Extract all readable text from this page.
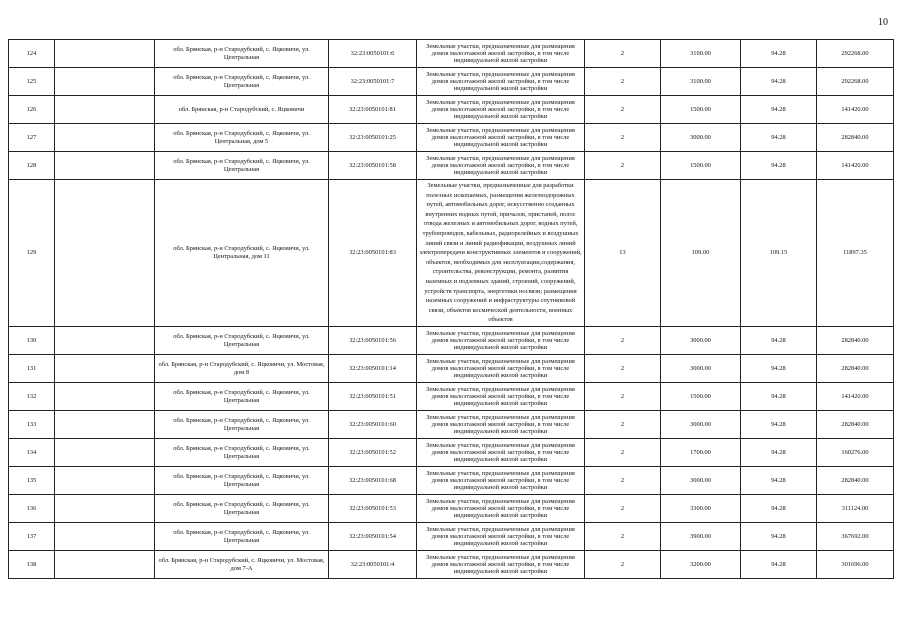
10
124		обл. Брянская, р-н Стародубский, с. Яцковичи, ул. Центральная	32:23:0050101:6	Земельные участки, предназначенные для размещения домов малоэтажной жилой застройки, в том числе индивидуальной жилой застройки	2	3100.00	94.28	292268.00
125		обл. Брянская, р-н Стародубский, с. Яцковичи, ул. Центральная	32:23:0050101:7	Земельные участки, предназначенные для размещения домов малоэтажной жилой застройки, в том числе индивидуальной жилой застройки	2	3100.00	94.28	292268.00
126		обл. Брянская, р-н Стародубский, с. Яцковичи	32:23:0050101:81	Земельные участки, предназначенные для размещения домов малоэтажной жилой застройки, в том числе индивидуальной жилой застройки	2	1500.00	94.28	141420.00
127		обл. Брянская, р-н Стародубский, с. Яцковичи, ул. Центральная, дом 5	32:23:0050101:25	Земельные участки, предназначенные для размещения домов малоэтажной жилой застройки, в том числе индивидуальной жилой застройки	2	3000.00	94.28	282840.00
128		обл. Брянская, р-н Стародубский, с. Яцковичи, ул. Центральная	32:23:0050101:58	Земельные участки, предназначенные для размещения домов малоэтажной жилой застройки, в том числе индивидуальной жилой застройки	2	1500.00	94.28	141420.00
129		обл. Брянская, р-н Стародубский, с. Яцковичи, ул. Центральная, дом 11	32:23:0050101:83	Земельные участки, предназначенные для разработки полезных ископаемых, размещения железнодорожных путей, автомобильных дорог, искусственно созданных внутренних водных путей, причалов, пристаней, полос отвода железных и автомобильных дорог, водных путей, трубопроводов, кабельных, радиорелейных и воздушных линий связи и линий радиофикации, воздушных линий электропередачи конструктивных элементов и сооружений, объектов, необходимых для эксплуатации,содержания, строительства, реконструкции, ремонта, развития наземных и подземных зданий, строений, сооружений, устройств транспорта, энергетики носвязи; размещения наземных сооружений и инфраструктуры спутниковой связи, объектов космической деятельности, военных объектов	13	109.00	109.15	11897.35
130		обл. Брянская, р-н Стародубский, с. Яцковичи, ул. Центральная	32:23:0050101:56	Земельные участки, предназначенные для размещения домов малоэтажной жилой застройки, в том числе индивидуальной жилой застройки	2	3000.00	94.28	282840.00
131		обл. Брянская, р-н Стародубский, с. Яцковичи, ул. Мостовая, дом 8	32:23:0050101:14	Земельные участки, предназначенные для размещения домов малоэтажной жилой застройки, в том числе индивидуальной жилой застройки	2	3000.00	94.28	282840.00
132		обл. Брянская, р-н Стародубский, с. Яцковичи, ул. Центральная	32:23:0050101:51	Земельные участки, предназначенные для размещения домов малоэтажной жилой застройки, в том числе индивидуальной жилой застройки	2	1500.00	94.28	141420.00
133		обл. Брянская, р-н Стародубский, с. Яцковичи, ул. Центральная	32:23:0050101:60	Земельные участки, предназначенные для размещения домов малоэтажной жилой застройки, в том числе индивидуальной жилой застройки	2	3000.00	94.28	282840.00
134		обл. Брянская, р-н Стародубский, с. Яцковичи, ул. Центральная	32:23:0050101:52	Земельные участки, предназначенные для размещения домов малоэтажной жилой застройки, в том числе индивидуальной жилой застройки	2	1700.00	94.28	160276.00
135		обл. Брянская, р-н Стародубский, с. Яцковичи, ул. Центральная	32:23:0050101:68	Земельные участки, предназначенные для размещения домов малоэтажной жилой застройки, в том числе индивидуальной жилой застройки	2	3000.00	94.28	282840.00
136		обл. Брянская, р-н Стародубский, с. Яцковичи, ул. Центральная	32:23:0050101:53	Земельные участки, предназначенные для размещения домов малоэтажной жилой застройки, в том числе индивидуальной жилой застройки	2	3300.00	94.28	311124.00
137		обл. Брянская, р-н Стародубский, с. Яцковичи, ул. Центральная	32:23:0050101:54	Земельные участки, предназначенные для размещения домов малоэтажной жилой застройки, в том числе индивидуальной жилой застройки	2	3900.00	94.28	367692.00
138		обл. Брянская, р-н Стародубский, с. Яцковичи, ул. Мостовая, дом 7-А	32:23:0050101:4	Земельные участки, предназначенные для размещения домов малоэтажной жилой застройки, в том числе индивидуальной жилой застройки	2	3200.00	94.28	301696.00
